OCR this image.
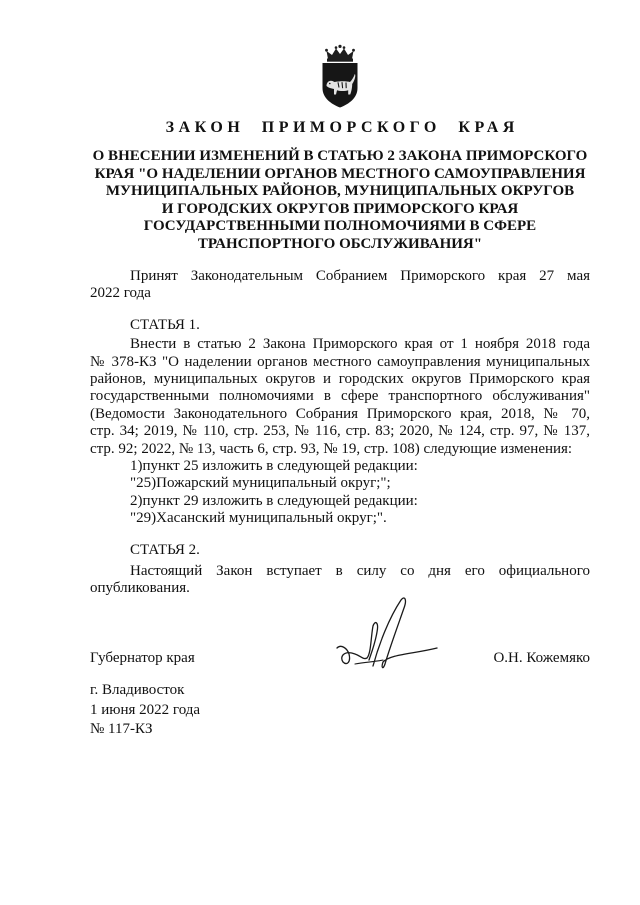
ЗАКОН ПРИМОРСКОГО КРАЯ
О ВНЕСЕНИИ ИЗМЕНЕНИЙ В СТАТЬЮ 2 ЗАКОНА ПРИМОРСКОГО
КРАЯ "О НАДЕЛЕНИИ ОРГАНОВ МЕСТНОГО САМОУПРАВЛЕНИЯ
МУНИЦИПАЛЬНЫХ РАЙОНОВ, МУНИЦИПАЛЬНЫХ ОКРУГОВ
И ГОРОДСКИХ ОКРУГОВ ПРИМОРСКОГО КРАЯ
ГОСУДАРСТВЕННЫМИ ПОЛНОМОЧИЯМИ В СФЕРЕ
ТРАНСПОРТНОГО ОБСЛУЖИВАНИЯ"
Принят Законодательным Собранием Приморского края 27 мая
2022 года
СТАТЬЯ 1.
Внести в статью 2 Закона Приморского края от 1 ноября 2018 года
№ 378-КЗ "О наделении органов местного самоуправления муниципальных
районов, муниципальных округов и городских округов Приморского края
государственными полномочиями в сфере транспортного обслуживания"
(Ведомости Законодательного Собрания Приморского края, 2018, № 70,
стр. 34; 2019, № 110, стр. 253, № 116, стр. 83; 2020, № 124, стр. 97, № 137,
стр. 92; 2022, № 13, часть 6, стр. 93, № 19, стр. 108) следующие изменения:
1)пункт 25 изложить в следующей редакции:
"25)Пожарский муниципальный округ;";
2)пункт 29 изложить в следующей редакции:
"29)Хасанский муниципальный округ;".
СТАТЬЯ 2.
Настоящий Закон вступает в силу со дня его официального
опубликования.
Губернатор края	О.Н. Кожемяко
г. Владивосток
1 июня 2022 года
№ 117-КЗ
